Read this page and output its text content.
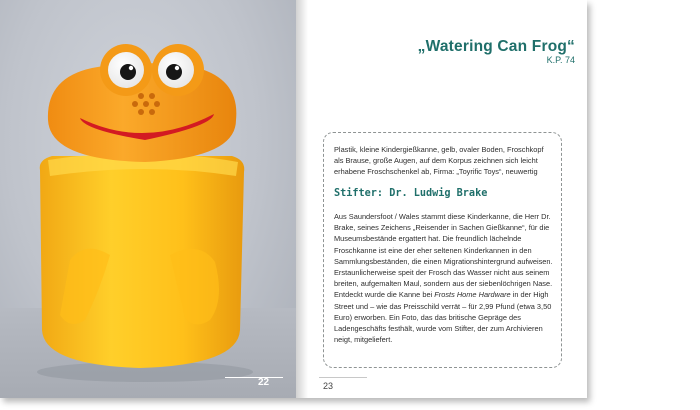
22
„Watering Can Frog“
K.P. 74
Plastik, kleine Kindergießkanne, gelb, ovaler Boden, Froschkopf als Brause, große Augen, auf dem Korpus zeichnen sich leicht erhabene Froschschenkel ab, Firma: „Toyrific Toys“, neuwertig
Stifter: Dr. Ludwig Brake
Aus Saundersfoot / Wales stammt diese Kinderkanne, die Herr Dr. Brake, seines Zeichens „Reisender in Sachen Gießkanne“, für die Museumsbestände ergattert hat. Die freundlich lächelnde Froschkanne ist eine der eher seltenen Kinderkannen in den Sammlungsbeständen, die einen Migrationshintergrund aufweisen. Erstaunlicherweise speit der Frosch das Wasser nicht aus seinem breiten, aufgemalten Maul, sondern aus der siebenlöchrigen Nase. Entdeckt wurde die Kanne bei Frosts Home Hardware in der High Street und – wie das Preisschild verrät – für 2,99 Pfund (etwa 3,50 Euro) erworben. Ein Foto, das das britische Gepräge des Ladengeschäfts festhält, wurde vom Stifter, der zum Archivieren neigt, mitgeliefert.
23
